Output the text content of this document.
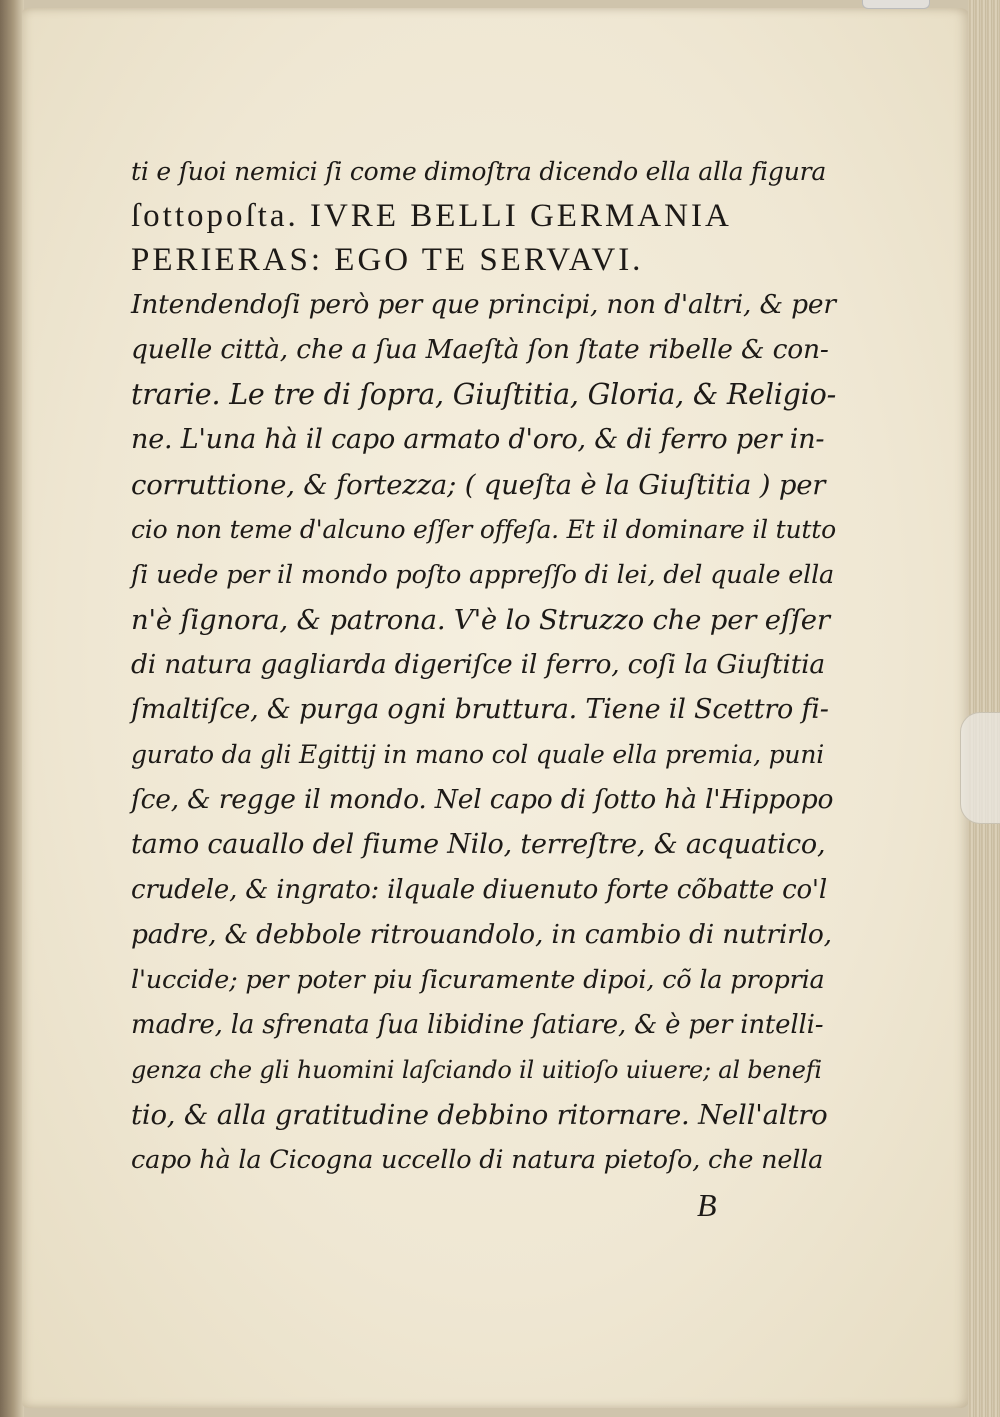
ti e ſuoi nemici ſi come dimoſtra dicendo ella alla figura
ſottopoſta. IVRE BELLI GERMANIA
PERIERAS: EGO TE SERVAVI.
Intendendoſi però per que principi, non d'altri, & per
quelle città, che a ſua Maeſtà ſon ſtate ribelle & con-
trarie. Le tre di ſopra, Giuſtitia, Gloria, & Religio-
ne. L'una hà il capo armato d'oro, & di ferro per in-
corruttione, & fortezza; ( queſta è la Giuſtitia ) per
cio non teme d'alcuno eſſer offeſa. Et il dominare il tutto
ſi uede per il mondo poſto appreſſo di lei, del quale ella
n'è ſignora, & patrona. V'è lo Struzzo che per eſſer
di natura gagliarda digeriſce il ferro, coſi la Giuſtitia
ſmaltiſce, & purga ogni bruttura. Tiene il Scettro fi-
gurato da gli Egittij in mano col quale ella premia, puni
ſce, & regge il mondo. Nel capo di ſotto hà l'Hippopo
tamo cauallo del fiume Nilo, terreſtre, & acquatico,
crudele, & ingrato: ilquale diuenuto forte cõbatte co'l
padre, & debbole ritrouandolo, in cambio di nutrirlo,
l'uccide; per poter piu ſicuramente dipoi, cõ la propria
madre, la sfrenata ſua libidine ſatiare, & è per intelli-
genza che gli huomini laſciando il uitioſo uiuere; al benefi
tio, & alla gratitudine debbino ritornare. Nell'altro
capo hà la Cicogna uccello di natura pietoſo, che nella
B
